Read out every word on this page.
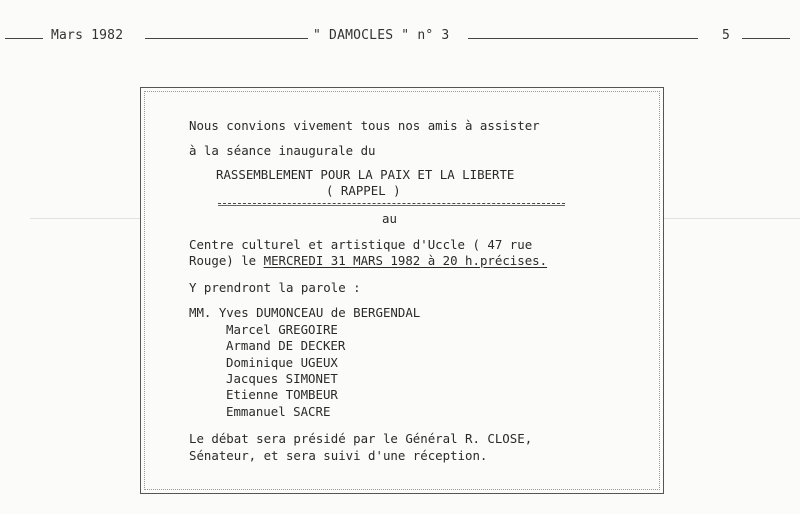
Mars 1982	" DAMOCLES " n° 3	5
Nous convions vivement tous nos amis à assister
à la séance inaugurale du
RASSEMBLEMENT POUR LA PAIX ET LA LIBERTE
( RAPPEL )
au
Centre culturel et artistique d'Uccle ( 47 rue
Rouge) le MERCREDI 31 MARS 1982 à 20 h.précises.
Y prendront la parole :
MM. Yves DUMONCEAU de BERGENDAL
Marcel GREGOIRE
Armand DE DECKER
Dominique UGEUX
Jacques SIMONET
Etienne TOMBEUR
Emmanuel SACRE
Le débat sera présidé par le Général R. CLOSE,
Sénateur, et sera suivi d'une réception.
